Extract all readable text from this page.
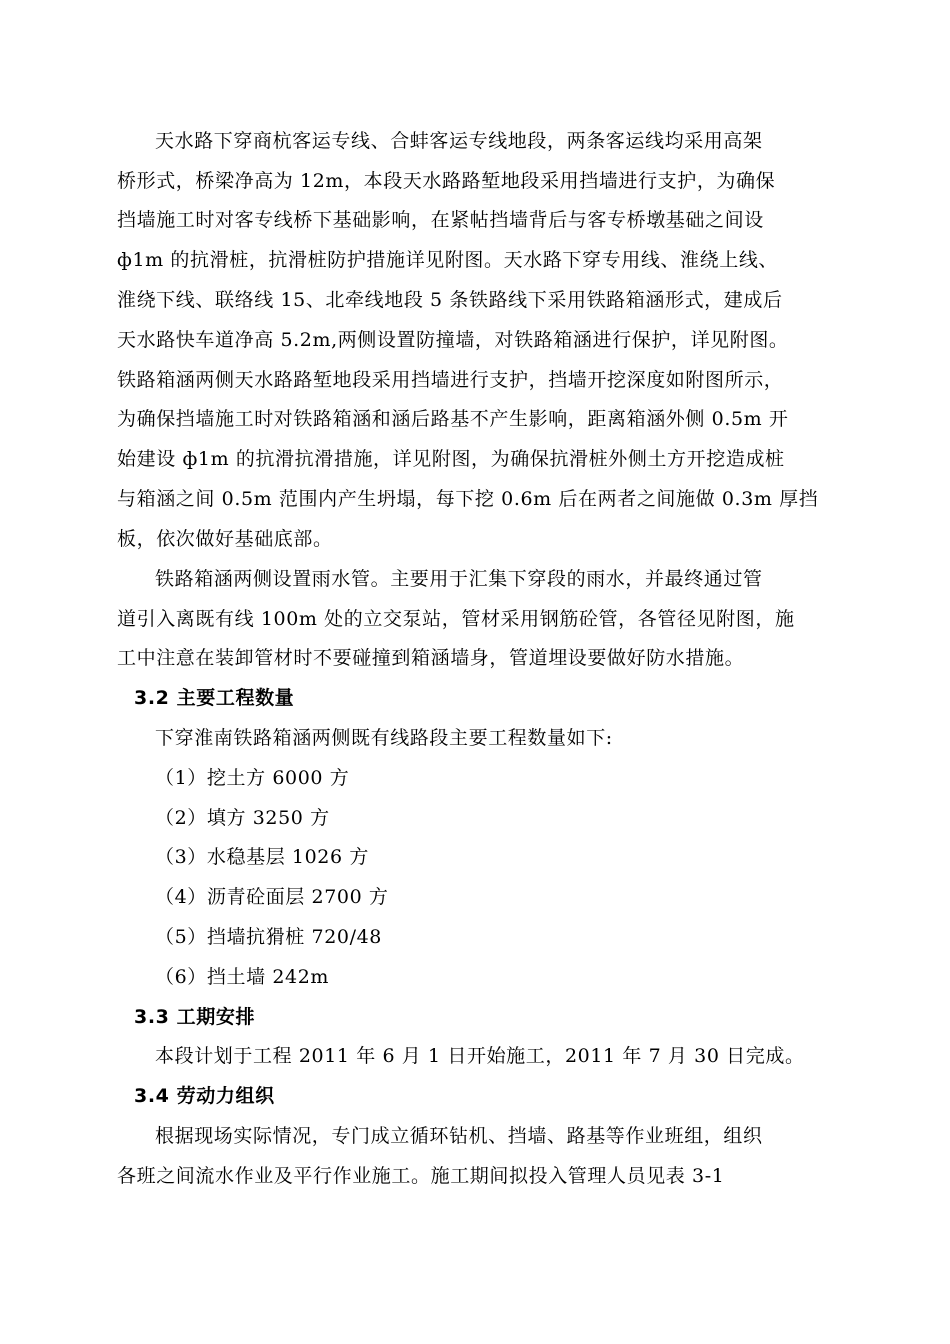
天水路下穿商杭客运专线、合蚌客运专线地段，两条客运线均采用高架
桥形式，桥梁净高为 12m，本段天水路路堑地段采用挡墙进行支护，为确保
挡墙施工时对客专线桥下基础影响，在紧帖挡墙背后与客专桥墩基础之间设
ф1m 的抗滑桩，抗滑桩防护措施详见附图。天水路下穿专用线、淮绕上线、
淮绕下线、联络线 15、北牵线地段 5 条铁路线下采用铁路箱涵形式，建成后
天水路快车道净高 5.2m,两侧设置防撞墙，对铁路箱涵进行保护，详见附图。
铁路箱涵两侧天水路路堑地段采用挡墙进行支护，挡墙开挖深度如附图所示，
为确保挡墙施工时对铁路箱涵和涵后路基不产生影响，距离箱涵外侧 0.5m 开
始建设 ф1m 的抗滑抗滑措施，详见附图，为确保抗滑桩外侧土方开挖造成桩
与箱涵之间 0.5m 范围内产生坍塌，每下挖 0.6m 后在两者之间施做 0.3m 厚挡
板，依次做好基础底部。
铁路箱涵两侧设置雨水管。主要用于汇集下穿段的雨水，并最终通过管
道引入离既有线 100m 处的立交泵站，管材采用钢筋砼管，各管径见附图，施
工中注意在装卸管材时不要碰撞到箱涵墙身，管道埋设要做好防水措施。
3.2 主要工程数量
下穿淮南铁路箱涵两侧既有线路段主要工程数量如下:
（1）挖土方 6000 方
（2）填方 3250 方
（3）水稳基层 1026 方
（4）沥青砼面层 2700 方
（5）挡墙抗猾桩 720/48
（6）挡土墙 242m
3.3 工期安排
本段计划于工程 2011 年 6 月 1 日开始施工，2011 年 7 月 30 日完成。
3.4 劳动力组织
根据现场实际情况，专门成立循环钻机、挡墙、路基等作业班组，组织
各班之间流水作业及平行作业施工。施工期间拟投入管理人员见表 3-1
